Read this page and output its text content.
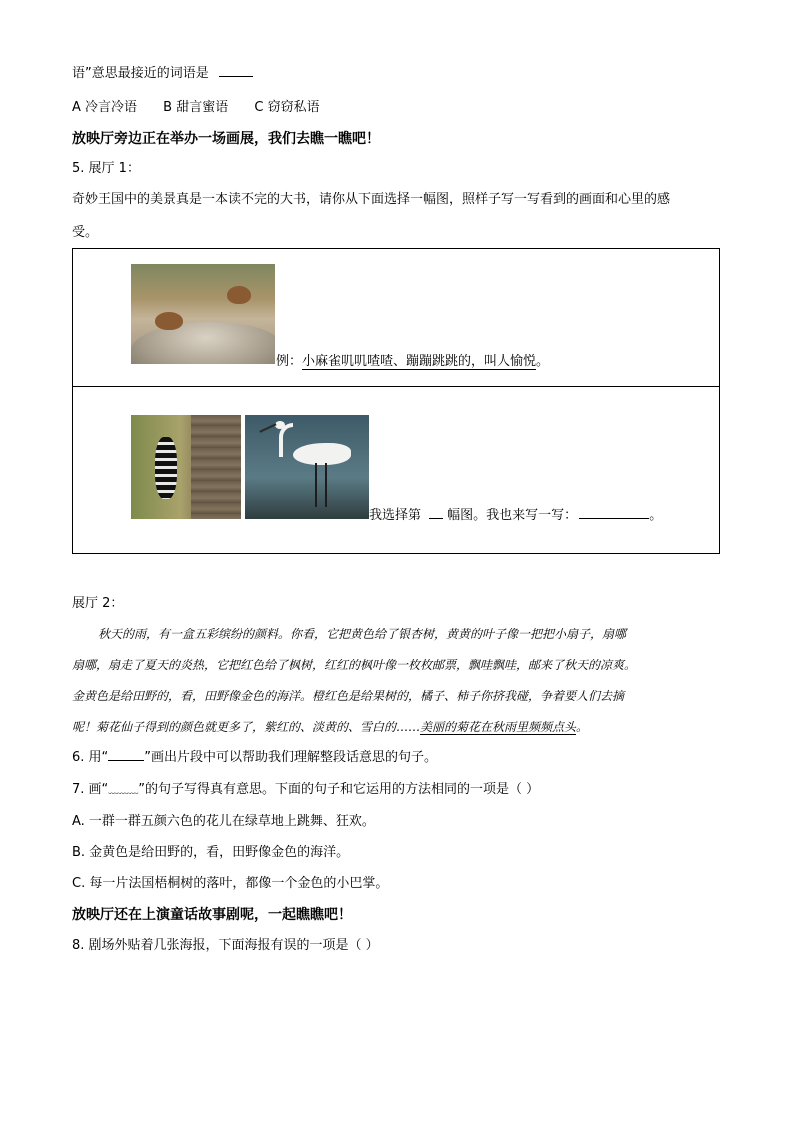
语”意思最接近的词语是
A 冷言冷语 B 甜言蜜语 C 窃窃私语
放映厅旁边正在举办一场画展，我们去瞧一瞧吧！
5. 展厅 1：
奇妙王国中的美景真是一本读不完的大书，请你从下面选择一幅图，照样子写一写看到的画面和心里的感
受。
例：小麻雀叽叽喳喳、蹦蹦跳跳的，叫人愉悦。
我选择第 幅图。我也来写一写：	。
展厅 2：
秋天的雨，有一盒五彩缤纷的颜料。你看，它把黄色给了银杏树，黄黄的叶子像一把把小扇子，扇哪
扇哪，扇走了夏天的炎热，它把红色给了枫树，红红的枫叶像一枚枚邮票，飘哇飘哇，邮来了秋天的凉爽。
金黄色是给田野的，看，田野像金色的海洋。橙红色是给果树的，橘子、柿子你挤我碰，争着要人们去摘
呢！菊花仙子得到的颜色就更多了，紫红的、淡黄的、雪白的……美丽的菊花在秋雨里频频点头。
6. 用“	”画出片段中可以帮助我们理解整段话意思的句子。
7. 画“﹏﹏﹏”的句子写得真有意思。下面的句子和它运用的方法相同的一项是（ ）
A. 一群一群五颜六色的花儿在绿草地上跳舞、狂欢。
B. 金黄色是给田野的，看，田野像金色的海洋。
C. 每一片法国梧桐树的落叶，都像一个金色的小巴掌。
放映厅还在上演童话故事剧呢，一起瞧瞧吧！
8. 剧场外贴着几张海报，下面海报有误的一项是（ ）
